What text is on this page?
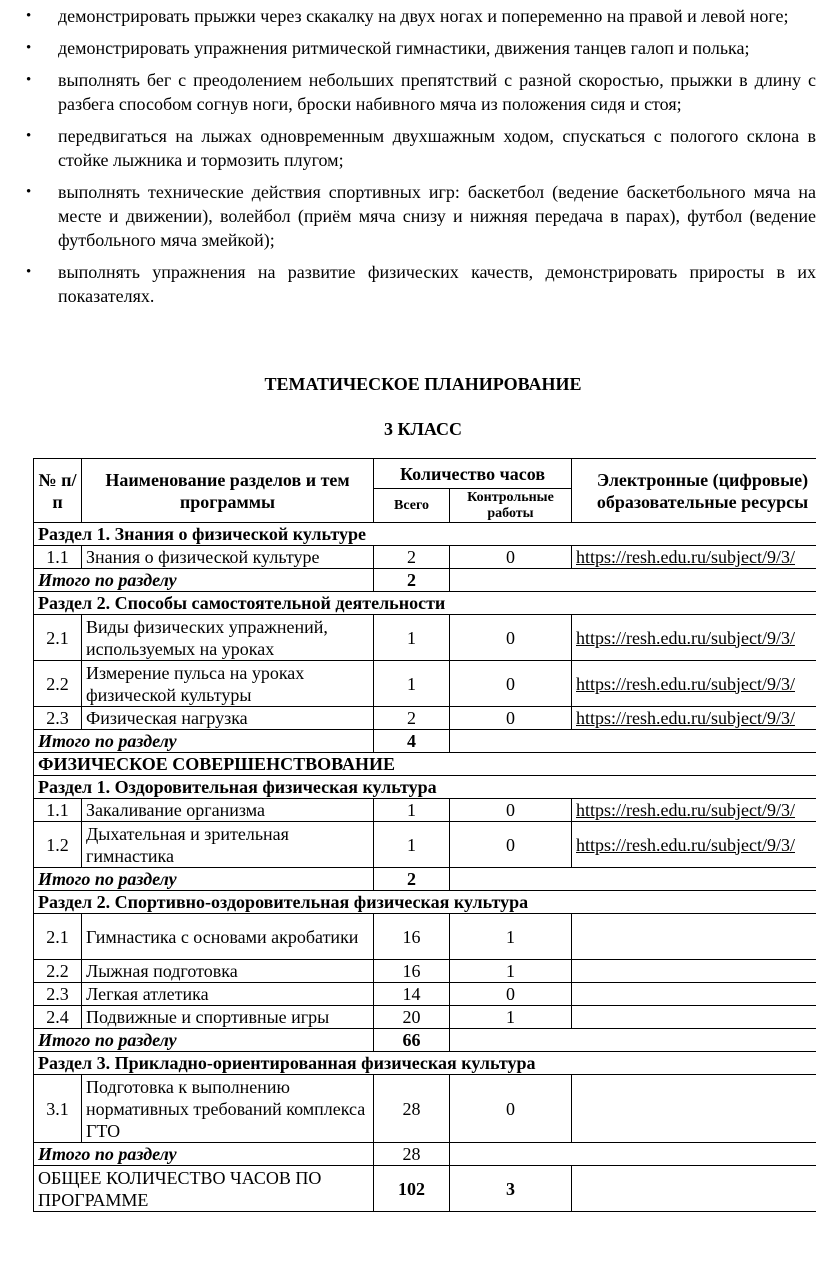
• демонстрировать прыжки через скакалку на двух ногах и попеременно на правой и левой ноге;
• демонстрировать упражнения ритмической гимнастики, движения танцев галоп и полька;
• выполнять бег с преодолением небольших препятствий с разной скоростью, прыжки в длину с разбега способом согнув ноги, броски набивного мяча из положения сидя и стоя;
• передвигаться на лыжах одновременным двухшажным ходом, спускаться с пологого склона в стойке лыжника и тормозить плугом;
• выполнять технические действия спортивных игр: баскетбол (ведение баскетбольного мяча на месте и движении), волейбол (приём мяча снизу и нижняя передача в парах), футбол (ведение футбольного мяча змейкой);
• выполнять упражнения на развитие физических качеств, демонстрировать приросты в их показателях.
ТЕМАТИЧЕСКОЕ ПЛАНИРОВАНИЕ
3 КЛАСС
№ п/п	Наименование разделов и тем программы	Количество часов		Электронные (цифровые) образовательные ресурсы
		Всего	Контрольные работы	
Раздел 1. Знания о физической культуре				
1.1	Знания о физической культуре	2	0	https://resh.edu.ru/subject/9/3/
Итого по разделу		2		
Раздел 2. Способы самостоятельной деятельности				
2.1	Виды физических упражнений, используемых на уроках	1	0	https://resh.edu.ru/subject/9/3/
2.2	Измерение пульса на уроках физической культуры	1	0	https://resh.edu.ru/subject/9/3/
2.3	Физическая нагрузка	2	0	https://resh.edu.ru/subject/9/3/
Итого по разделу		4		
ФИЗИЧЕСКОЕ СОВЕРШЕНСТВОВАНИЕ				
Раздел 1. Оздоровительная физическая культура				
1.1	Закаливание организма	1	0	https://resh.edu.ru/subject/9/3/
1.2	Дыхательная и зрительная гимнастика	1	0	https://resh.edu.ru/subject/9/3/
Итого по разделу		2		
Раздел 2. Спортивно-оздоровительная физическая культура				
2.1	Гимнастика с основами акробатики	16	1	
2.2	Лыжная подготовка	16	1	
2.3	Легкая атлетика	14	0	
2.4	Подвижные и спортивные игры	20	1	
Итого по разделу		66		
Раздел 3. Прикладно-ориентированная физическая культура				
3.1	Подготовка к выполнению нормативных требований комплекса ГТО	28	0	
Итого по разделу		28		
ОБЩЕЕ КОЛИЧЕСТВО ЧАСОВ ПО ПРОГРАММЕ		102	3	
